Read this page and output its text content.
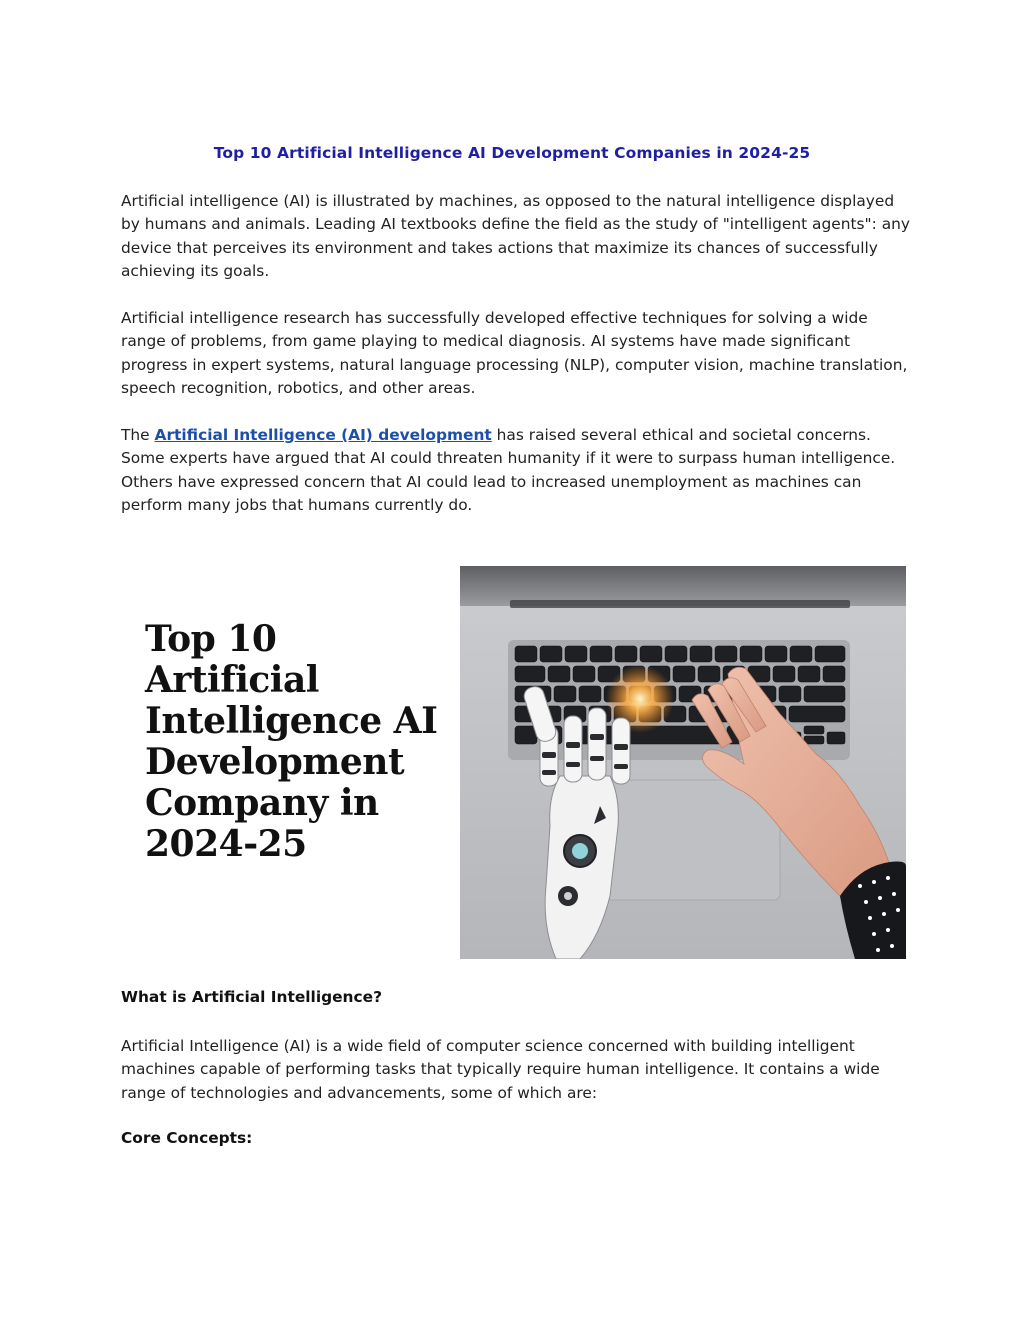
Top 10 Artificial Intelligence AI Development Companies in 2024-25

Artificial intelligence (AI) is illustrated by machines, as opposed to the natural intelligence displayed by humans and animals. Leading AI textbooks define the field as the study of "intelligent agents": any device that perceives its environment and takes actions that maximize its chances of successfully achieving its goals.

Artificial intelligence research has successfully developed effective techniques for solving a wide range of problems, from game playing to medical diagnosis. AI systems have made significant progress in expert systems, natural language processing (NLP), computer vision, machine translation, speech recognition, robotics, and other areas.

The Artificial Intelligence (AI) development has raised several ethical and societal concerns. Some experts have argued that AI could threaten humanity if it were to surpass human intelligence. Others have expressed concern that AI could lead to increased unemployment as machines can perform many jobs that humans currently do.

Top 10
Artificial
Intelligence AI
Development
Company in
2024-25
What is Artificial Intelligence?

Artificial Intelligence (AI) is a wide field of computer science concerned with building intelligent machines capable of performing tasks that typically require human intelligence. It contains a wide range of technologies and advancements, some of which are:

Core Concepts:
